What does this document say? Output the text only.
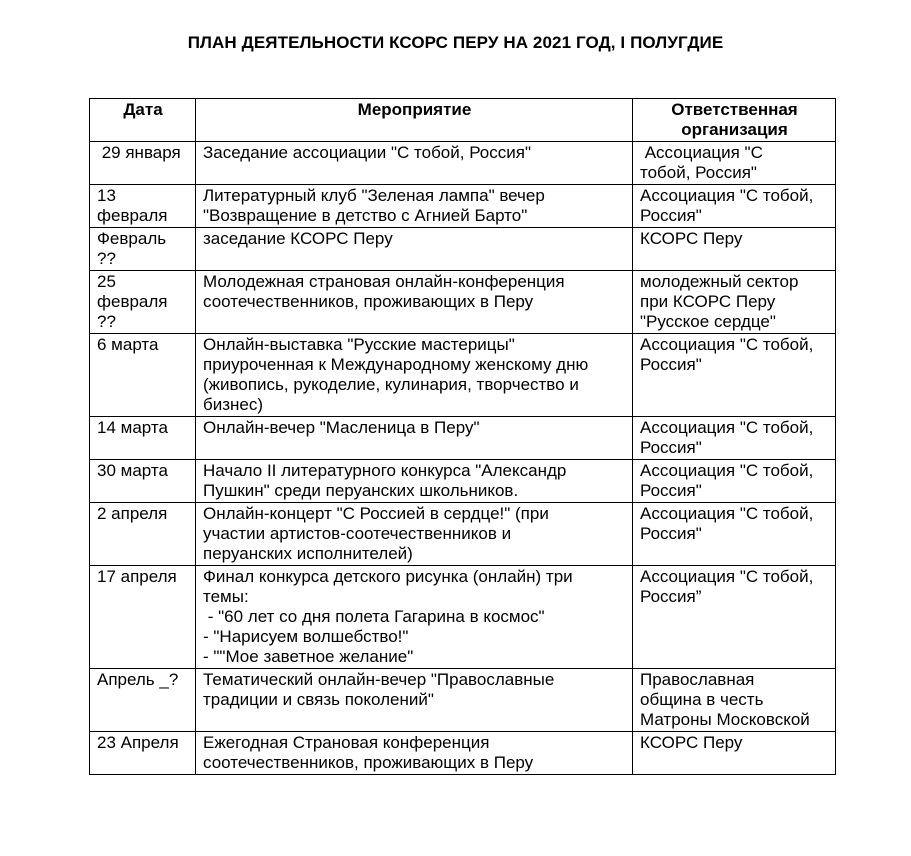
ПЛАН ДЕЯТЕЛЬНОСТИ КСОРС ПЕРУ НА 2021 ГОД, I ПОЛУГДИЕ
Дата	Мероприятие	Ответственная
организация

29 января	Заседание ассоциации "С тобой, Россия"	Ассоциация "С
тобой, Россия"

13
февраля	Литературный клуб "Зеленая лампа" вечер
"Возвращение в детство с Агнией Барто"	Ассоциация "С тобой,
Россия"

Февраль
??	заседание КСОРС Перу	КСОРС Перу

25
февраля
??	Молодежная страновая онлайн-конференция
соотечественников, проживающих в Перу	молодежный сектор
при КСОРС Перу
"Русское сердце"

6 марта	Онлайн-выставка "Русские мастерицы"
приуроченная к Международному женскому дню
(живопись, рукоделие, кулинария, творчество и
бизнес)	Ассоциация "С тобой,
Россия"

14 марта	Онлайн-вечер "Масленица в Перу"	Ассоциация "С тобой,
Россия"

30 марта	Начало II литературного конкурса "Александр
Пушкин" среди перуанских школьников.	Ассоциация "С тобой,
Россия"

2 апреля	Онлайн-концерт "С Россией в сердце!" (при
участии артистов-соотечественников и
перуанских исполнителей)	Ассоциация "С тобой,
Россия"

17 апреля	Финал конкурса детского рисунка (онлайн) три
темы:
- "60 лет со дня полета Гагарина в космос"
- "Нарисуем волшебство!"
- ""Мое заветное желание"	Ассоциация "С тобой,
Россия”

Апрель _?	Тематический онлайн-вечер "Православные
традиции и связь поколений"	Православная
община в честь
Матроны Московской

23 Апреля	Ежегодная Страновая конференция
соотечественников, проживающих в Перу	КСОРС Перу
